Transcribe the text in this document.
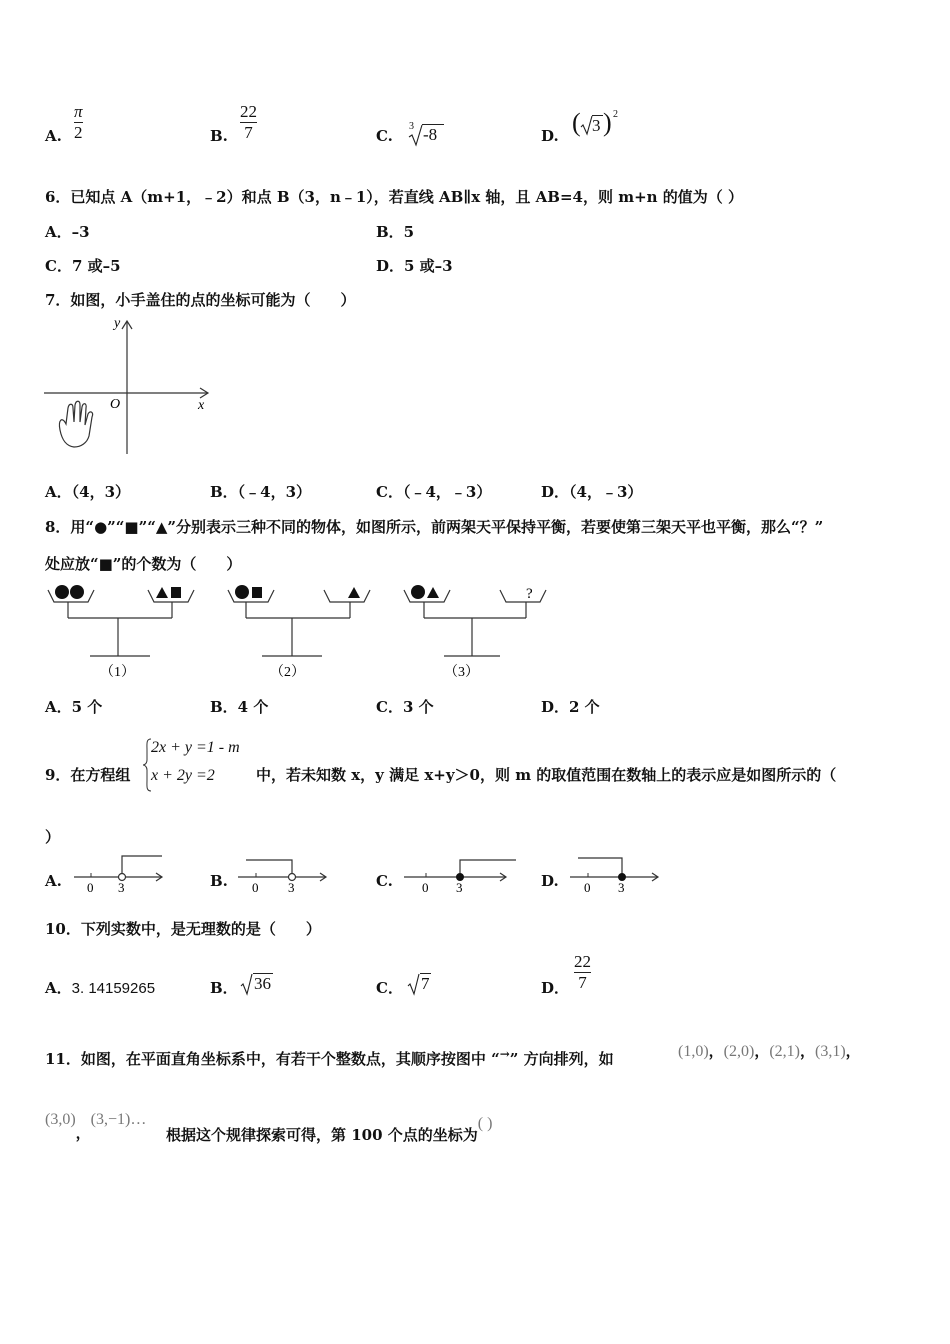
A. $\frac{\pi}{2}$	B. $\frac{22}{7}$	C.
3 -8	D. ( 3 ) 2
6．已知点 A（m+1，﹣2）和点 B（3，n﹣1），若直线 AB∥x 轴，且 AB=4，则 m+n 的值为（ ）
A．–3	B．5
C．7 或–5	D．5 或–3
7．如图，小手盖住的点的坐标可能为（　　）
y
x
O
A．（4，3）	B．（﹣4，3）	C．（﹣4，﹣3）	D．（4，﹣3）
8．用“●”“■”“▲”分别表示三种不同的物体，如图所示，前两架天平保持平衡，若要使第三架天平也平衡，那么“？”
处应放“■”的个数为（　　）
（1）	（2）
?
（3）
A．5 个	B．4 个	C．3 个	D．2 个
9．在方程组
2x + y =1 - m
x + 2y =2	中，若未知数 x，y 满足 x+y＞0，则 m 的取值范围在数轴上的表示应是如图所示的（
）
A. 0 3	B. 0 3	C. 0 3	D. 0 3
10．下列实数中，是无理数的是（　　）
A．3. 14159265	B． 36	C． 7	D． $\frac{22}{7}$
11．如图，在平面直角坐标系中，有若干个整数点，其顺序按图中 “→” 方向排列，如	(1,0)，(2,0)，(2,1)，(3,1)，
(3,0)，(3,−1)…
根据这个规律探索可得，第 100 个点的坐标为( )
